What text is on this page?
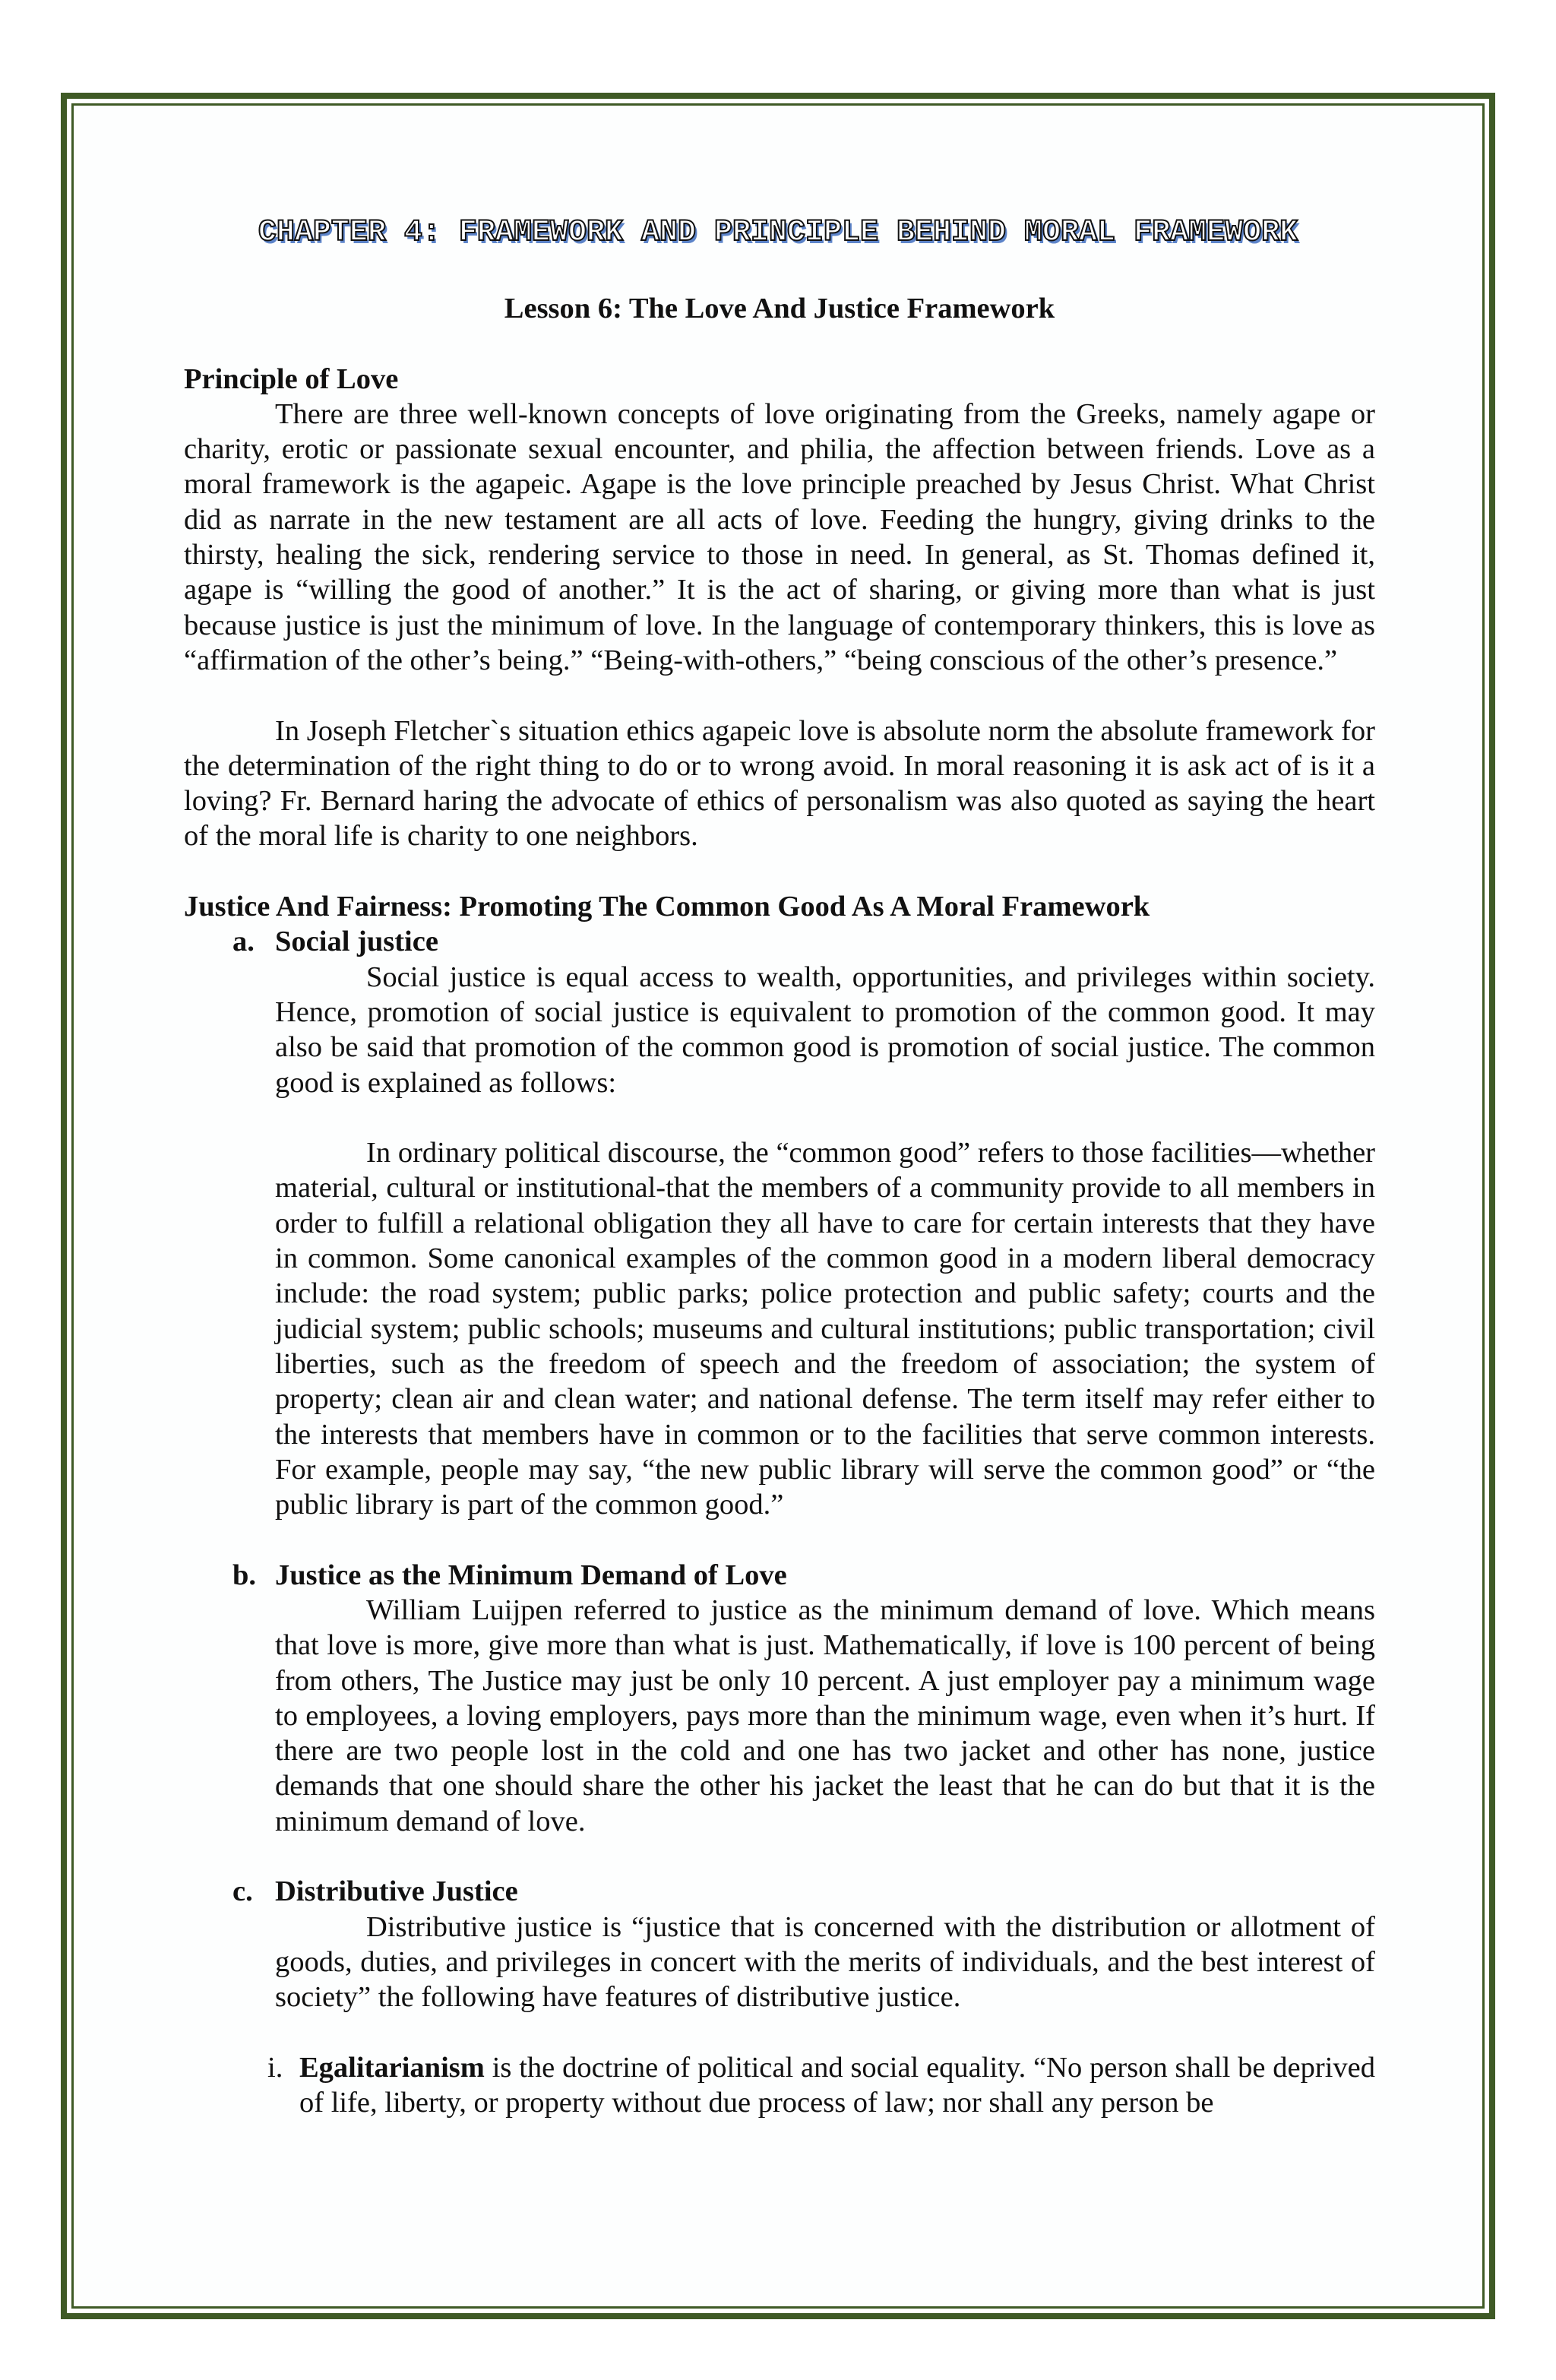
CHAPTER 4: FRAMEWORK AND PRINCIPLE BEHIND MORAL FRAMEWORK
Lesson 6: The Love And Justice Framework
Principle of Love

There are three well-known concepts of love originating from the Greeks, namely agape or charity, erotic or passionate sexual encounter, and philia, the affection between friends. Love as a moral framework is the agapeic. Agape is the love principle preached by Jesus Christ. What Christ did as narrate in the new testament are all acts of love. Feeding the hungry, giving drinks to the thirsty, healing the sick, rendering service to those in need. In general, as St. Thomas defined it, agape is “willing the good of another.” It is the act of sharing, or giving more than what is just because justice is just the minimum of love. In the language of contemporary thinkers, this is love as “affirmation of the other’s being.” “Being-with-others,” “being conscious of the other’s presence.”

In Joseph Fletcher`s situation ethics agapeic love is absolute norm the absolute framework for the determination of the right thing to do or to wrong avoid. In moral reasoning it is ask act of is it a loving? Fr. Bernard haring the advocate of ethics of personalism was also quoted as saying the heart of the moral life is charity to one neighbors.

Justice And Fairness: Promoting The Common Good As A Moral Framework
a. Social justice

Social justice is equal access to wealth, opportunities, and privileges within society. Hence, promotion of social justice is equivalent to promotion of the common good. It may also be said that promotion of the common good is promotion of social justice. The common good is explained as follows:

In ordinary political discourse, the “common good” refers to those facilities—whether material, cultural or institutional-that the members of a community provide to all members in order to fulfill a relational obligation they all have to care for certain interests that they have in common. Some canonical examples of the common good in a modern liberal democracy include: the road system; public parks; police protection and public safety; courts and the judicial system; public schools; museums and cultural institutions; public transportation; civil liberties, such as the freedom of speech and the freedom of association; the system of property; clean air and clean water; and national defense. The term itself may refer either to the interests that members have in common or to the facilities that serve common interests. For example, people may say, “the new public library will serve the common good” or “the public library is part of the common good.”

b. Justice as the Minimum Demand of Love

William Luijpen referred to justice as the minimum demand of love. Which means that love is more, give more than what is just. Mathematically, if love is 100 percent of being from others, The Justice may just be only 10 percent. A just employer pay a minimum wage to employees, a loving employers, pays more than the minimum wage, even when it’s hurt. If there are two people lost in the cold and one has two jacket and other has none, justice demands that one should share the other his jacket the least that he can do but that it is the minimum demand of love.

c. Distributive Justice

Distributive justice is “justice that is concerned with the distribution or allotment of goods, duties, and privileges in concert with the merits of individuals, and the best interest of society” the following have features of distributive justice.

i. Egalitarianism is the doctrine of political and social equality. “No person shall be deprived of life, liberty, or property without due process of law; nor shall any person be
